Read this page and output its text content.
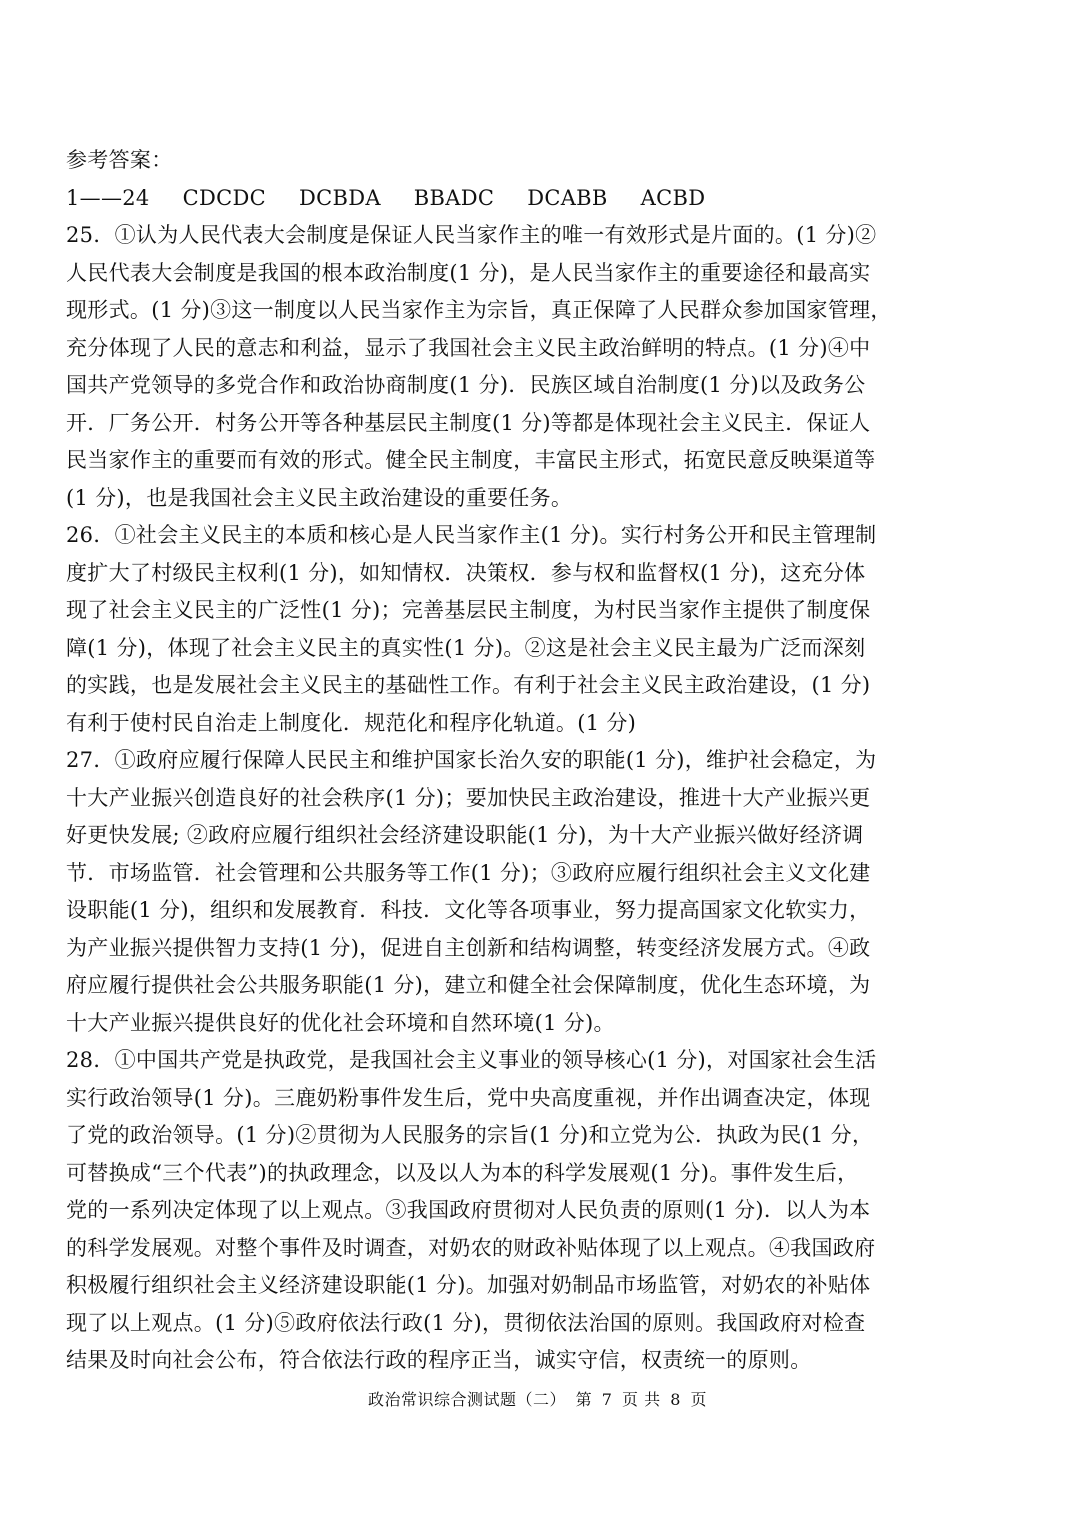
参考答案：
1——24 CDCDC DCBDA BBADC DCABB ACBD
25．①认为人民代表大会制度是保证人民当家作主的唯一有效形式是片面的。(1 分)②
人民代表大会制度是我国的根本政治制度(1 分)，是人民当家作主的重要途径和最高实
现形式。(1 分)③这一制度以人民当家作主为宗旨，真正保障了人民群众参加国家管理，
充分体现了人民的意志和利益，显示了我国社会主义民主政治鲜明的特点。(1 分)④中
国共产党领导的多党合作和政治协商制度(1 分)．民族区域自治制度(1 分)以及政务公
开．厂务公开．村务公开等各种基层民主制度(1 分)等都是体现社会主义民主．保证人
民当家作主的重要而有效的形式。健全民主制度，丰富民主形式，拓宽民意反映渠道等
(1 分)，也是我国社会主义民主政治建设的重要任务。
26．①社会主义民主的本质和核心是人民当家作主(1 分)。实行村务公开和民主管理制
度扩大了村级民主权利(1 分)，如知情权．决策权．参与权和监督权(1 分)，这充分体
现了社会主义民主的广泛性(1 分)；完善基层民主制度，为村民当家作主提供了制度保
障(1 分)，体现了社会主义民主的真实性(1 分)。②这是社会主义民主最为广泛而深刻
的实践，也是发展社会主义民主的基础性工作。有利于社会主义民主政治建设，(1 分)
有利于使村民自治走上制度化．规范化和程序化轨道。(1 分)
27．①政府应履行保障人民民主和维护国家长治久安的职能(1 分)，维护社会稳定，为
十大产业振兴创造良好的社会秩序(1 分)；要加快民主政治建设，推进十大产业振兴更
好更快发展; ②政府应履行组织社会经济建设职能(1 分)，为十大产业振兴做好经济调
节．市场监管．社会管理和公共服务等工作(1 分)；③政府应履行组织社会主义文化建
设职能(1 分)，组织和发展教育．科技．文化等各项事业，努力提高国家文化软实力，
为产业振兴提供智力支持(1 分)，促进自主创新和结构调整，转变经济发展方式。④政
府应履行提供社会公共服务职能(1 分)，建立和健全社会保障制度，优化生态环境，为
十大产业振兴提供良好的优化社会环境和自然环境(1 分)。
28．①中国共产党是执政党，是我国社会主义事业的领导核心(1 分)，对国家社会生活
实行政治领导(1 分)。三鹿奶粉事件发生后，党中央高度重视，并作出调查决定，体现
了党的政治领导。(1 分)②贯彻为人民服务的宗旨(1 分)和立党为公．执政为民(1 分，
可替换成“三个代表”)的执政理念，以及以人为本的科学发展观(1 分)。事件发生后，
党的一系列决定体现了以上观点。③我国政府贯彻对人民负责的原则(1 分)．以人为本
的科学发展观。对整个事件及时调查，对奶农的财政补贴体现了以上观点。④我国政府
积极履行组织社会主义经济建设职能(1 分)。加强对奶制品市场监管，对奶农的补贴体
现了以上观点。(1 分)⑤政府依法行政(1 分)，贯彻依法治国的原则。我国政府对检查
结果及时向社会公布，符合依法行政的程序正当，诚实守信，权责统一的原则。
政治常识综合测试题（二） 第 7 页 共 8 页
